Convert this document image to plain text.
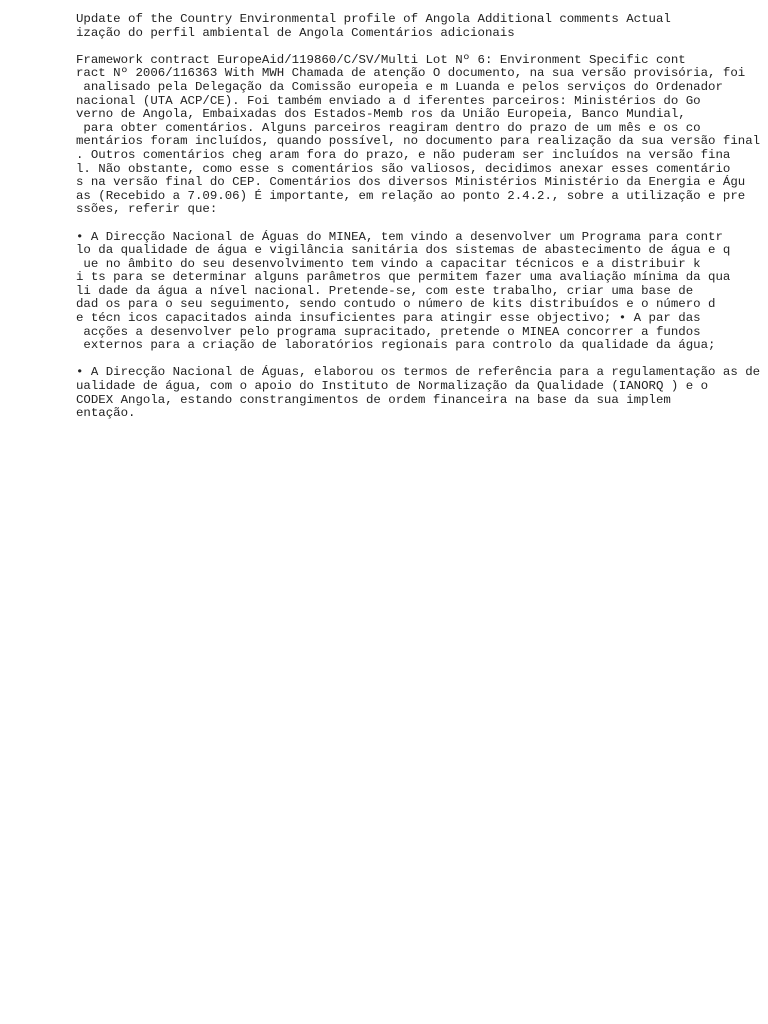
Update of the Country Environmental profile of Angola Additional comments Actual
ização do perfil ambiental de Angola Comentários adicionais
Framework contract EuropeAid/119860/C/SV/Multi Lot Nº 6: Environment Specific cont
ract Nº 2006/116363 With MWH Chamada de atenção O documento, na sua versão provisória, foi
analisado pela Delegação da Comissão europeia e m Luanda e pelos serviços do Ordenador
nacional (UTA ACP/CE). Foi também enviado a d iferentes parceiros: Ministérios do Go
verno de Angola, Embaixadas dos Estados-Memb ros da União Europeia, Banco Mundial,
para obter comentários. Alguns parceiros reagiram dentro do prazo de um mês e os co
mentários foram incluídos, quando possível, no documento para realização da sua versão final
. Outros comentários cheg aram fora do prazo, e não puderam ser incluídos na versão fina
l. Não obstante, como esse s comentários são valiosos, decidimos anexar esses comentário
s na versão final do CEP. Comentários dos diversos Ministérios Ministério da Energia e Águ
as (Recebido a 7.09.06) É importante, em relação ao ponto 2.4.2., sobre a utilização e pre
ssões, referir que:
• A Direcção Nacional de Águas do MINEA, tem vindo a desenvolver um Programa para contr
lo da qualidade de água e vigilância sanitária dos sistemas de abastecimento de água e q
ue no âmbito do seu desenvolvimento tem vindo a capacitar técnicos e a distribuir k
i ts para se determinar alguns parâmetros que permitem fazer uma avaliação mínima da qua
li dade da água a nível nacional. Pretende-se, com este trabalho, criar uma base de
dad os para o seu seguimento, sendo contudo o número de kits distribuídos e o número d
e técn icos capacitados ainda insuficientes para atingir esse objectivo; • A par das
acções a desenvolver pelo programa supracitado, pretende o MINEA concorrer a fundos
externos para a criação de laboratórios regionais para controlo da qualidade da água;
• A Direcção Nacional de Águas, elaborou os termos de referência para a regulamentação as de
ualidade de água, com o apoio do Instituto de Normalização da Qualidade (IANORQ ) e o
CODEX Angola, estando constrangimentos de ordem financeira na base da sua implem
entação.
